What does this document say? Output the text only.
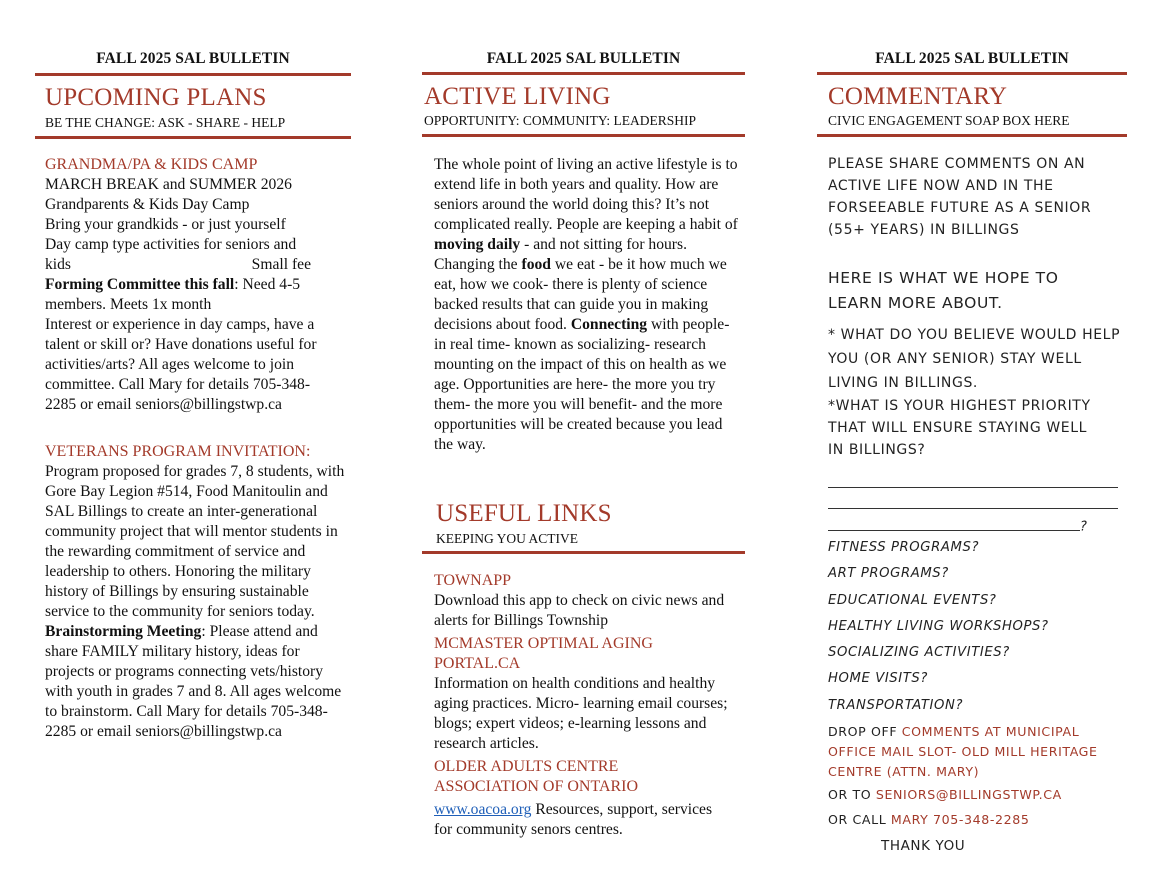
FALL 2025 SAL BULLETIN
UPCOMING PLANS
BE THE CHANGE: ASK - SHARE - HELP
GRANDMA/PA & KIDS CAMP
MARCH BREAK and SUMMER 2026
Grandparents & Kids Day Camp
Bring your grandkids - or just yourself
Day camp type activities for seniors and
kids	Small fee
Forming Committee this fall: Need 4-5 members. Meets 1x month
Interest or experience in day camps, have a talent or skill or? Have donations useful for activities/arts? All ages welcome to join committee. Call Mary for details 705-348-2285 or email seniors@billingstwp.ca
VETERANS PROGRAM INVITATION:
Program proposed for grades 7, 8 students, with Gore Bay Legion #514, Food Manitoulin and SAL Billings to create an inter-generational community project that will mentor students in the rewarding commitment of service and leadership to others. Honoring the military history of Billings by ensuring sustainable service to the community for seniors today.
Brainstorming Meeting: Please attend and share FAMILY military history, ideas for projects or programs connecting vets/history with youth in grades 7 and 8. All ages welcome to brainstorm. Call Mary for details 705-348-2285 or email seniors@billingstwp.ca
FALL 2025 SAL BULLETIN
ACTIVE LIVING
OPPORTUNITY: COMMUNITY: LEADERSHIP
The whole point of living an active lifestyle is to extend life in both years and quality. How are seniors around the world doing this? It’s not complicated really. People are keeping a habit of moving daily - and not sitting for hours. Changing the food we eat - be it how much we eat, how we cook- there is plenty of science backed results that can guide you in making decisions about food. Connecting with people- in real time- known as socializing- research mounting on the impact of this on health as we age. Opportunities are here- the more you try them- the more you will benefit- and the more opportunities will be created because you lead the way.
USEFUL LINKS
KEEPING YOU ACTIVE
TOWNAPP
Download this app to check on civic news and alerts for Billings Township
MCMASTER OPTIMAL AGING PORTAL.CA
Information on health conditions and healthy aging practices. Micro- learning email courses; blogs; expert videos; e-learning lessons and research articles.
OLDER ADULTS CENTRE ASSOCIATION OF ONTARIO
www.oacoa.org Resources, support, services for community senors centres.
FALL 2025 SAL BULLETIN
COMMENTARY
CIVIC ENGAGEMENT SOAP BOX HERE
PLEASE SHARE COMMENTS ON AN ACTIVE LIFE NOW AND IN THE FORSEEABLE FUTURE AS A SENIOR (55+ YEARS) IN BILLINGS
HERE IS WHAT WE HOPE TO LEARN MORE ABOUT.
* WHAT DO YOU BELIEVE WOULD HELP YOU (OR ANY SENIOR) STAY WELL LIVING IN BILLINGS.
*WHAT IS YOUR HIGHEST PRIORITY THAT WILL ENSURE STAYING WELL IN BILLINGS?
?
FITNESS PROGRAMS?
ART PROGRAMS?
EDUCATIONAL EVENTS?
HEALTHY LIVING WORKSHOPS?
SOCIALIZING ACTIVITIES?
HOME VISITS?
TRANSPORTATION?
DROP OFF COMMENTS AT MUNICIPAL OFFICE MAIL SLOT- OLD MILL HERITAGE CENTRE (ATTN. MARY)
OR TO SENIORS@BILLINGSTWP.CA
OR CALL MARY 705-348-2285
THANK YOU
